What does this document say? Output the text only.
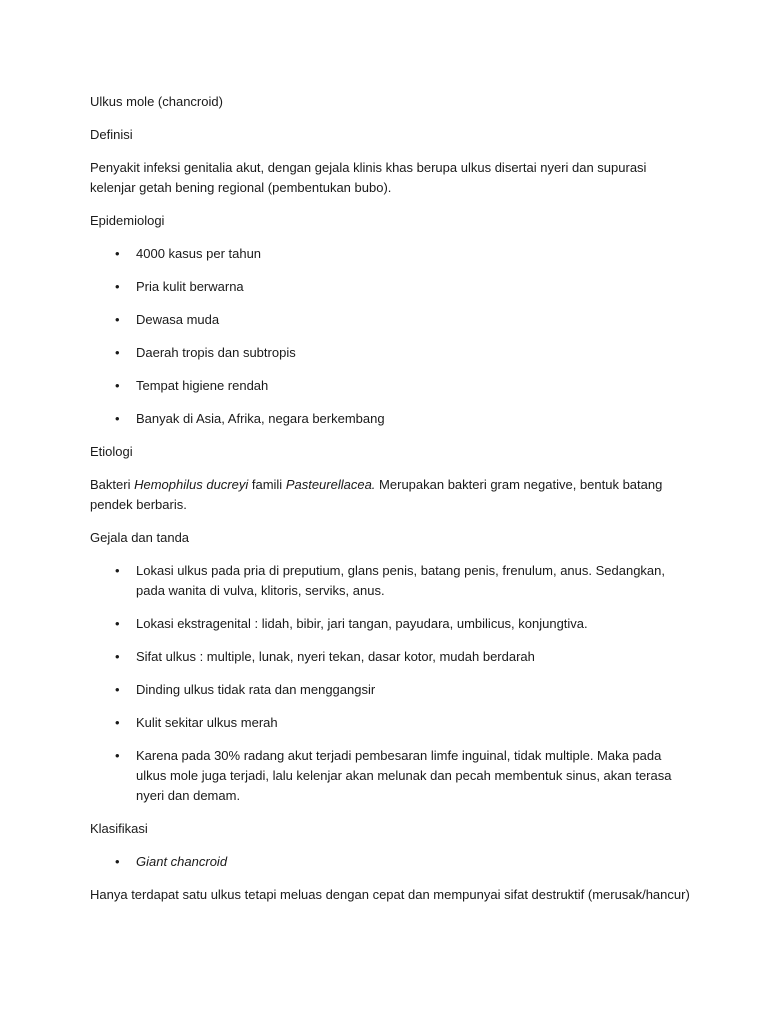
Ulkus mole (chancroid)

Definisi

Penyakit infeksi genitalia akut, dengan gejala klinis khas berupa ulkus disertai nyeri dan supurasi kelenjar getah bening regional (pembentukan bubo).

Epidemiologi

• 4000 kasus per tahun
• Pria kulit berwarna
• Dewasa muda
• Daerah tropis dan subtropis
• Tempat higiene rendah
• Banyak di Asia, Afrika, negara berkembang

Etiologi

Bakteri Hemophilus ducreyi famili Pasteurellacea. Merupakan bakteri gram negative, bentuk batang pendek berbaris.

Gejala dan tanda

• Lokasi ulkus pada pria di preputium, glans penis, batang penis, frenulum, anus. Sedangkan, pada wanita di vulva, klitoris, serviks, anus.
• Lokasi ekstragenital : lidah, bibir, jari tangan, payudara, umbilicus, konjungtiva.
• Sifat ulkus : multiple, lunak, nyeri tekan, dasar kotor, mudah berdarah
• Dinding ulkus tidak rata dan menggangsir
• Kulit sekitar ulkus merah
• Karena pada 30% radang akut terjadi pembesaran limfe inguinal, tidak multiple. Maka pada ulkus mole juga terjadi, lalu kelenjar akan melunak dan pecah membentuk sinus, akan terasa nyeri dan demam.

Klasifikasi

• Giant chancroid

Hanya terdapat satu ulkus tetapi meluas dengan cepat dan mempunyai sifat destruktif (merusak/hancur)
